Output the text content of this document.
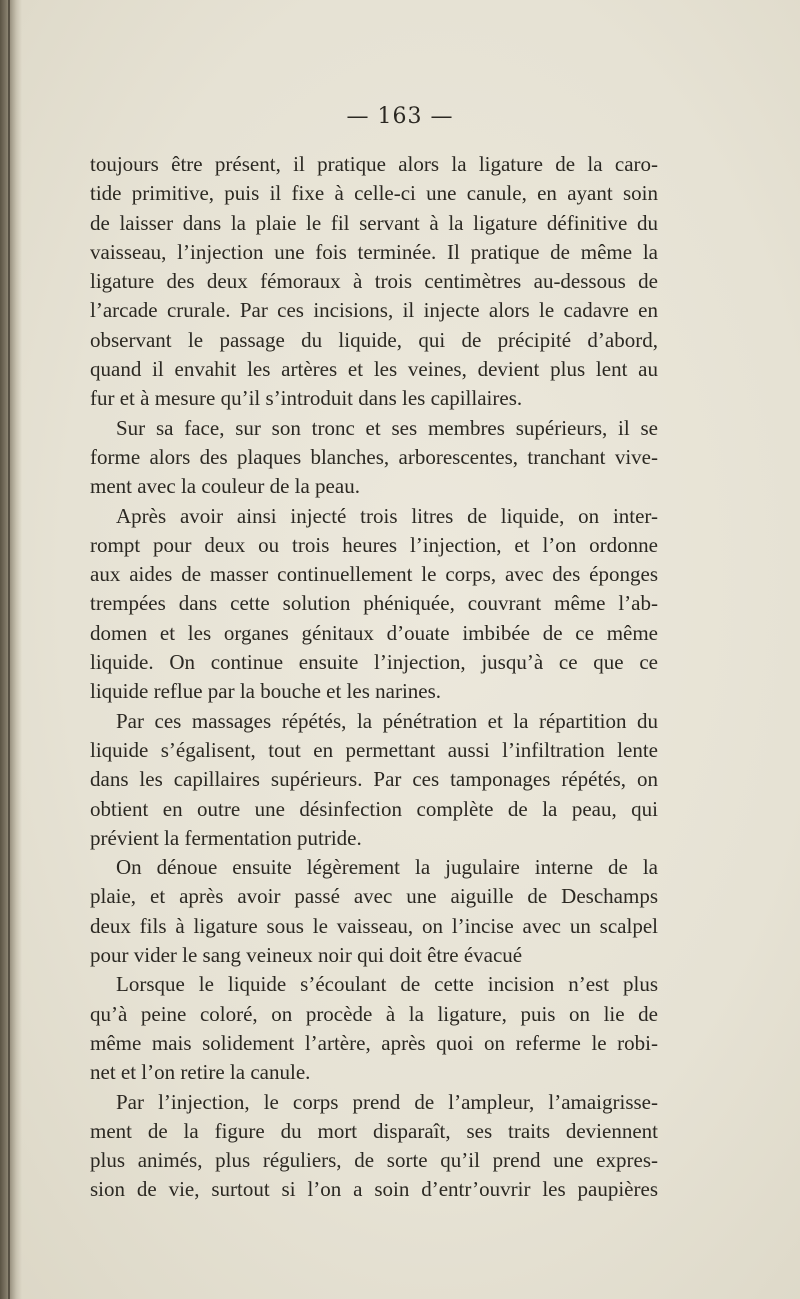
— 163 —
toujours être présent, il pratique alors la ligature de la caro-
tide primitive, puis il fixe à celle-ci une canule, en ayant soin
de laisser dans la plaie le fil servant à la ligature définitive du
vaisseau, l’injection une fois terminée. Il pratique de même la
ligature des deux fémoraux à trois centimètres au-dessous de
l’arcade crurale. Par ces incisions, il injecte alors le cadavre en
observant le passage du liquide, qui de précipité d’abord,
quand il envahit les artères et les veines, devient plus lent au
fur et à mesure qu’il s’introduit dans les capillaires.
Sur sa face, sur son tronc et ses membres supérieurs, il se
forme alors des plaques blanches, arborescentes, tranchant vive-
ment avec la couleur de la peau.
Après avoir ainsi injecté trois litres de liquide, on inter-
rompt pour deux ou trois heures l’injection, et l’on ordonne
aux aides de masser continuellement le corps, avec des éponges
trempées dans cette solution phéniquée, couvrant même l’ab-
domen et les organes génitaux d’ouate imbibée de ce même
liquide. On continue ensuite l’injection, jusqu’à ce que ce
liquide reflue par la bouche et les narines.
Par ces massages répétés, la pénétration et la répartition du
liquide s’égalisent, tout en permettant aussi l’infiltration lente
dans les capillaires supérieurs. Par ces tamponages répétés, on
obtient en outre une désinfection complète de la peau, qui
prévient la fermentation putride.
On dénoue ensuite légèrement la jugulaire interne de la
plaie, et après avoir passé avec une aiguille de Deschamps
deux fils à ligature sous le vaisseau, on l’incise avec un scalpel
pour vider le sang veineux noir qui doit être évacué
Lorsque le liquide s’écoulant de cette incision n’est plus
qu’à peine coloré, on procède à la ligature, puis on lie de
même mais solidement l’artère, après quoi on referme le robi-
net et l’on retire la canule.
Par l’injection, le corps prend de l’ampleur, l’amaigrisse-
ment de la figure du mort disparaît, ses traits deviennent
plus animés, plus réguliers, de sorte qu’il prend une expres-
sion de vie, surtout si l’on a soin d’entr’ouvrir les paupières
